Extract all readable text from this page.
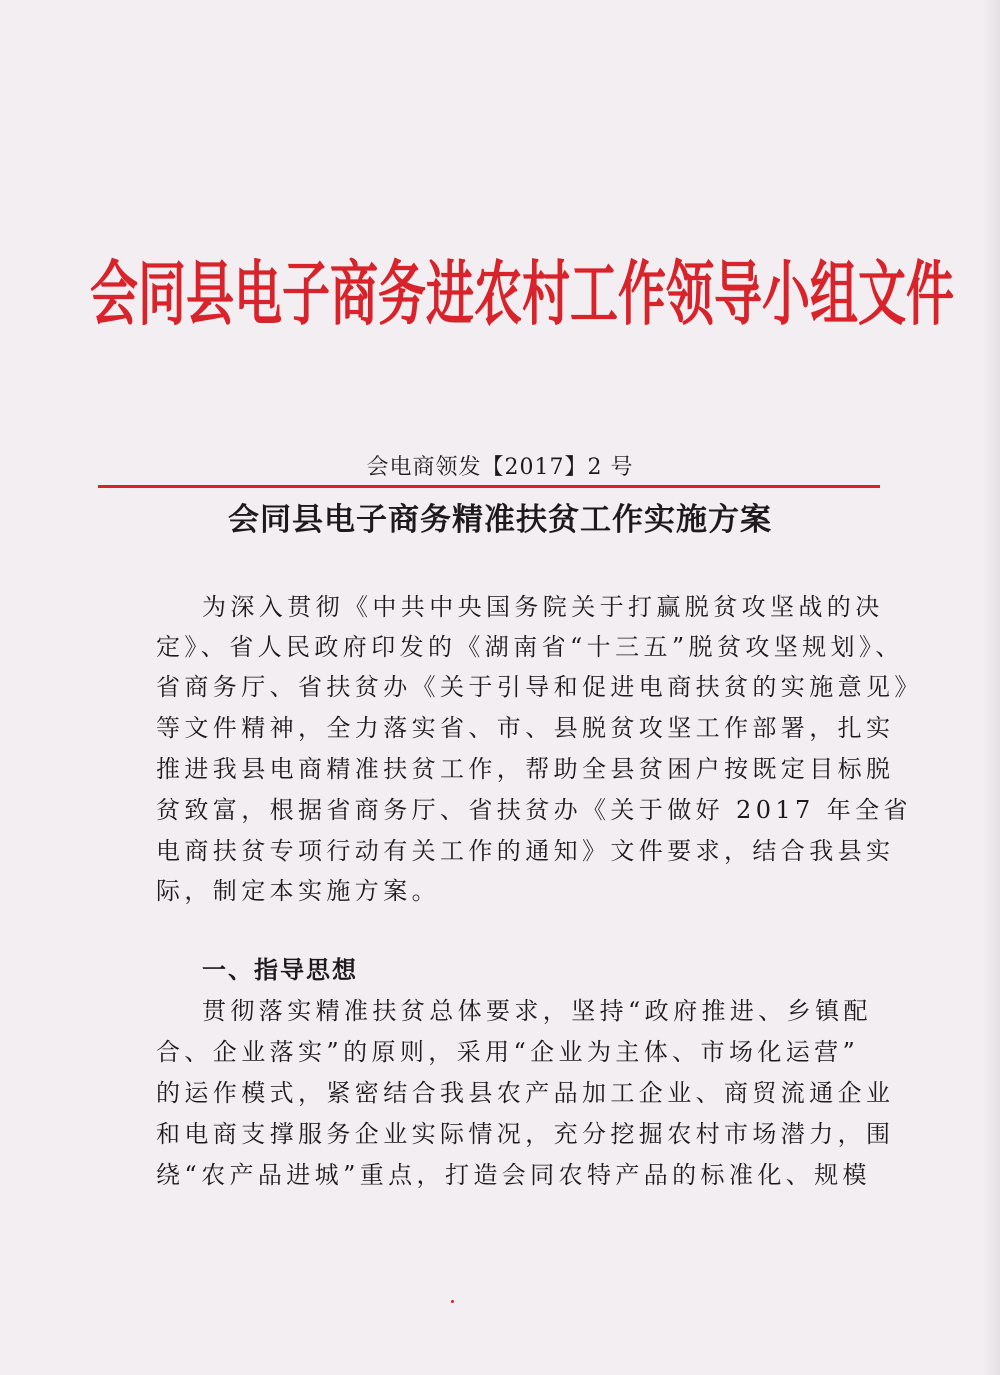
会同县电子商务进农村工作领导小组文件
会电商领发【2017】2 号
会同县电子商务精准扶贫工作实施方案
为深入贯彻《中共中央国务院关于打赢脱贫攻坚战的决
定》、省人民政府印发的《湖南省“十三五”脱贫攻坚规划》、
省商务厅、省扶贫办《关于引导和促进电商扶贫的实施意见》
等文件精神，全力落实省、市、县脱贫攻坚工作部署，扎实
推进我县电商精准扶贫工作，帮助全县贫困户按既定目标脱
贫致富，根据省商务厅、省扶贫办《关于做好 2017 年全省
电商扶贫专项行动有关工作的通知》文件要求，结合我县实
际，制定本实施方案。
一、指导思想
贯彻落实精准扶贫总体要求，坚持“政府推进、乡镇配
合、企业落实”的原则，采用“企业为主体、市场化运营”
的运作模式，紧密结合我县农产品加工企业、商贸流通企业
和电商支撑服务企业实际情况，充分挖掘农村市场潜力，围
绕“农产品进城”重点，打造会同农特产品的标准化、规模
